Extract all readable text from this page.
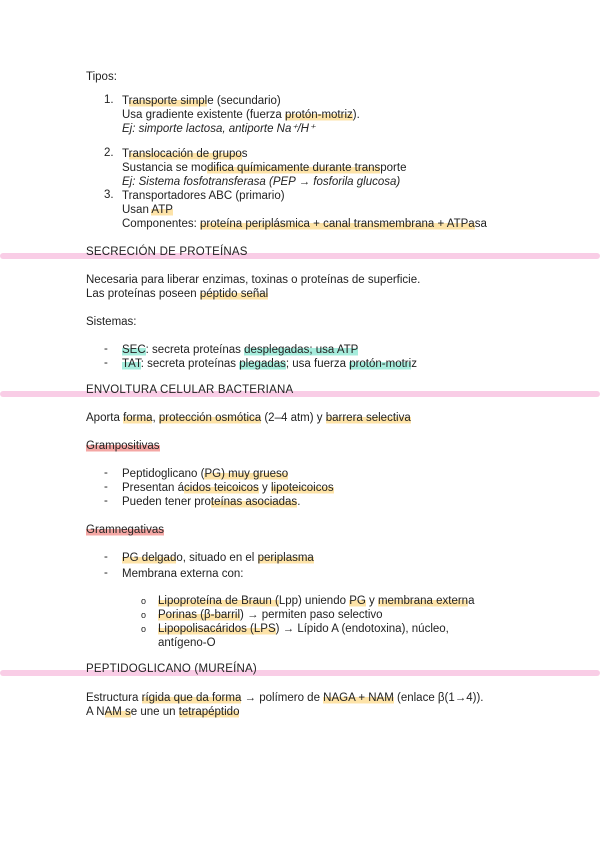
Tipos:
1. Transporte simple (secundario)
Usa gradiente existente (fuerza protón-motriz).
Ej: simporte lactosa, antiporte Na⁺/H⁺
2. Translocación de grupos
Sustancia se modifica químicamente durante transporte
Ej: Sistema fosfotransferasa (PEP → fosforila glucosa)
3. Transportadores ABC (primario)
Usan ATP
Componentes: proteína periplásmica + canal transmembrana + ATPasa
SECRECIÓN DE PROTEÍNAS
Necesaria para liberar enzimas, toxinas o proteínas de superficie.
Las proteínas poseen péptido señal
Sistemas:
- SEC: secreta proteínas desplegadas; usa ATP
- TAT: secreta proteínas plegadas; usa fuerza protón-motriz
ENVOLTURA CELULAR BACTERIANA
Aporta forma, protección osmótica (2–4 atm) y barrera selectiva
Grampositivas
- Peptidoglicano (PG) muy grueso
- Presentan ácidos teicoicos y lipoteicoicos
- Pueden tener proteínas asociadas.
Gramnegativas
- PG delgado, situado en el periplasma
- Membrana externa con:
o Lipoproteína de Braun (Lpp) uniendo PG y membrana externa
o Porinas (β-barril) → permiten paso selectivo
o Lipopolisacáridos (LPS) → Lípido A (endotoxina), núcleo,
antígeno-O
PEPTIDOGLICANO (MUREÍNA)
Estructura rígida que da forma → polímero de NAGA + NAM (enlace β(1→4)).
A NAM se une un tetrapéptido
